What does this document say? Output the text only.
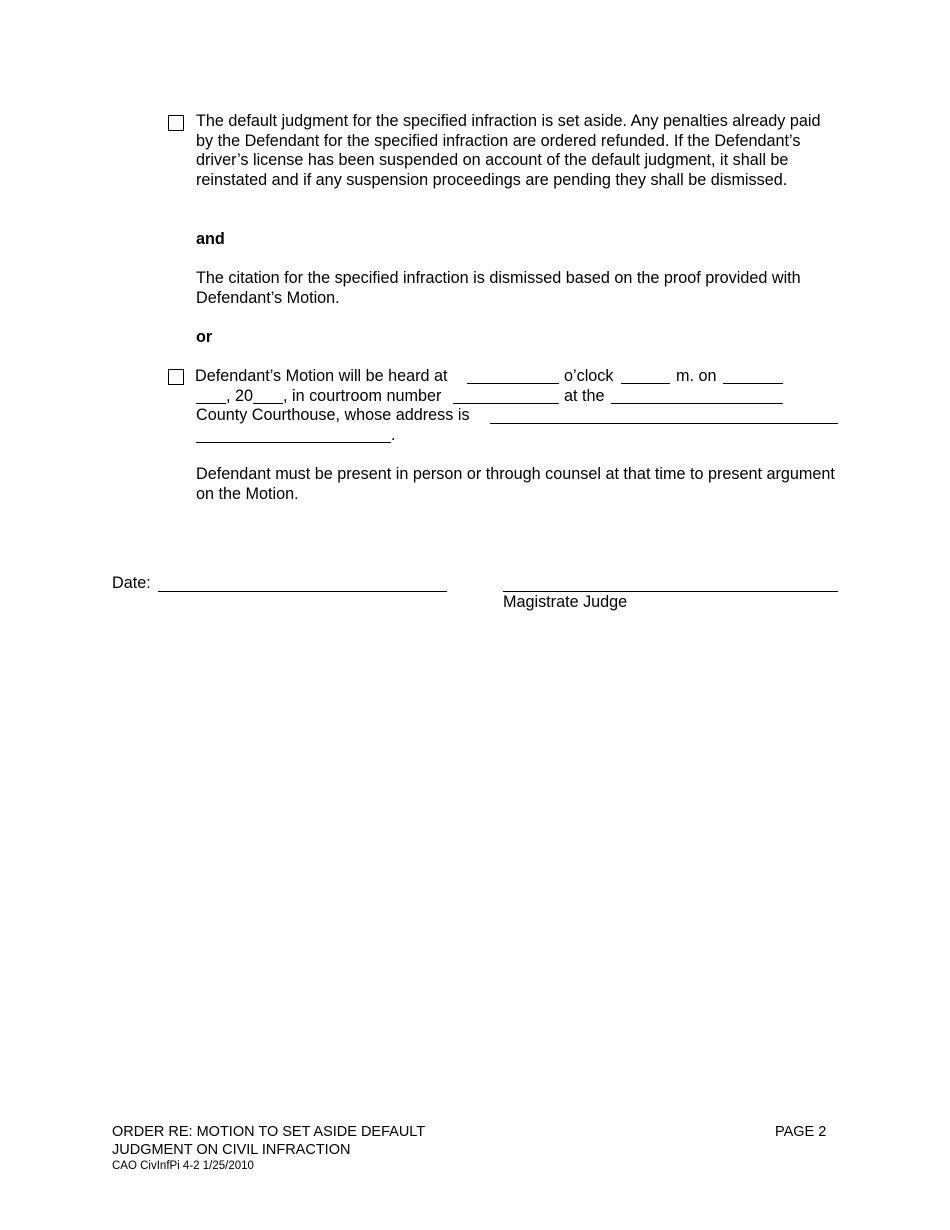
The default judgment for the specified infraction is set aside. Any penalties already paid by the Defendant for the specified infraction are ordered refunded. If the Defendant’s driver’s license has been suspended on account of the default judgment, it shall be reinstated and if any suspension proceedings are pending they shall be dismissed.
and
The citation for the specified infraction is dismissed based on the proof provided with Defendant’s Motion.
or
Defendant’s Motion will be heard at	o’clock	m. on
, 20 , in courtroom number	at the
County Courthouse, whose address is
.
Defendant must be present in person or through counsel at that time to present argument on the Motion.
Date:
Magistrate Judge
ORDER RE: MOTION TO SET ASIDE DEFAULT
JUDGMENT ON CIVIL INFRACTION
CAO CivInfPi 4-2 1/25/2010
PAGE 2
